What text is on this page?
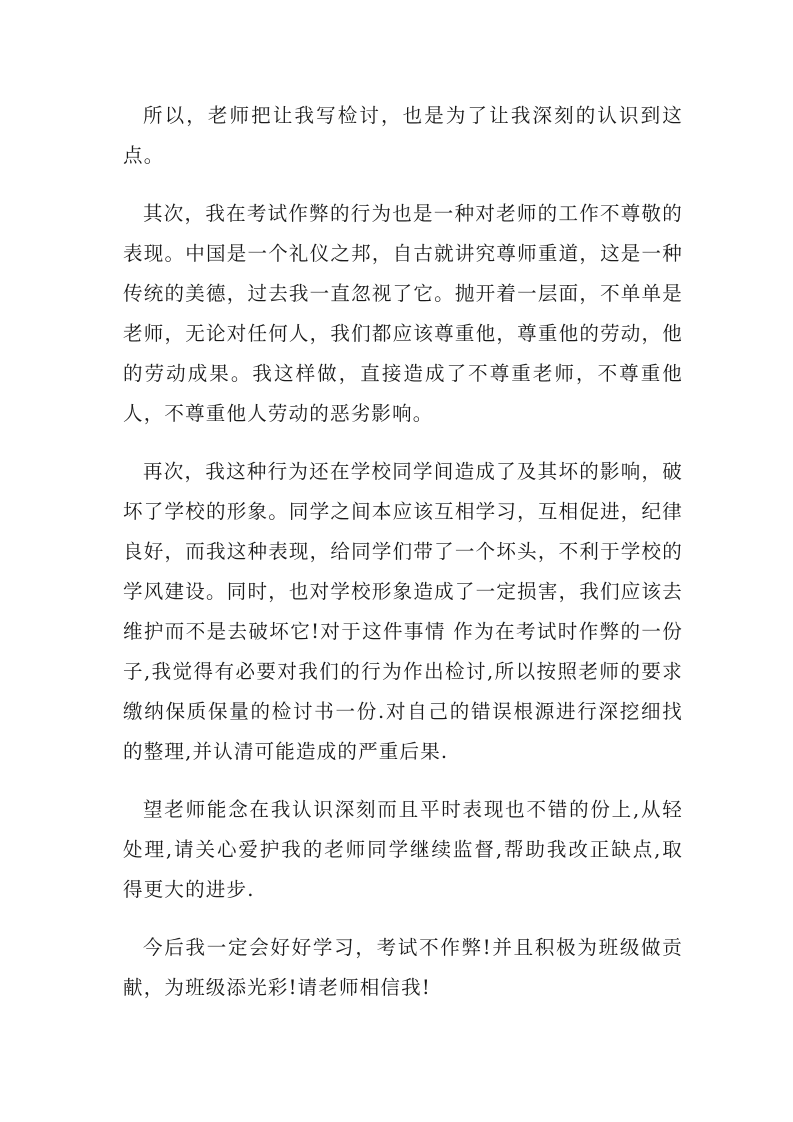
所以，老师把让我写检讨，也是为了让我深刻的认识到这点。

其次，我在考试作弊的行为也是一种对老师的工作不尊敬的表现。中国是一个礼仪之邦，自古就讲究尊师重道，这是一种传统的美德，过去我一直忽视了它。抛开着一层面，不单单是老师，无论对任何人，我们都应该尊重他，尊重他的劳动，他的劳动成果。我这样做，直接造成了不尊重老师，不尊重他人，不尊重他人劳动的恶劣影响。

再次，我这种行为还在学校同学间造成了及其坏的影响，破坏了学校的形象。同学之间本应该互相学习，互相促进，纪律良好，而我这种表现，给同学们带了一个坏头，不利于学校的学风建设。同时，也对学校形象造成了一定损害，我们应该去维护而不是去破坏它!对于这件事情 作为在考试时作弊的一份子,我觉得有必要对我们的行为作出检讨,所以按照老师的要求缴纳保质保量的检讨书一份.对自己的错误根源进行深挖细找的整理,并认清可能造成的严重后果.

望老师能念在我认识深刻而且平时表现也不错的份上,从轻处理,请关心爱护我的老师同学继续监督,帮助我改正缺点,取得更大的进步.

今后我一定会好好学习，考试不作弊!并且积极为班级做贡献，为班级添光彩!请老师相信我!
